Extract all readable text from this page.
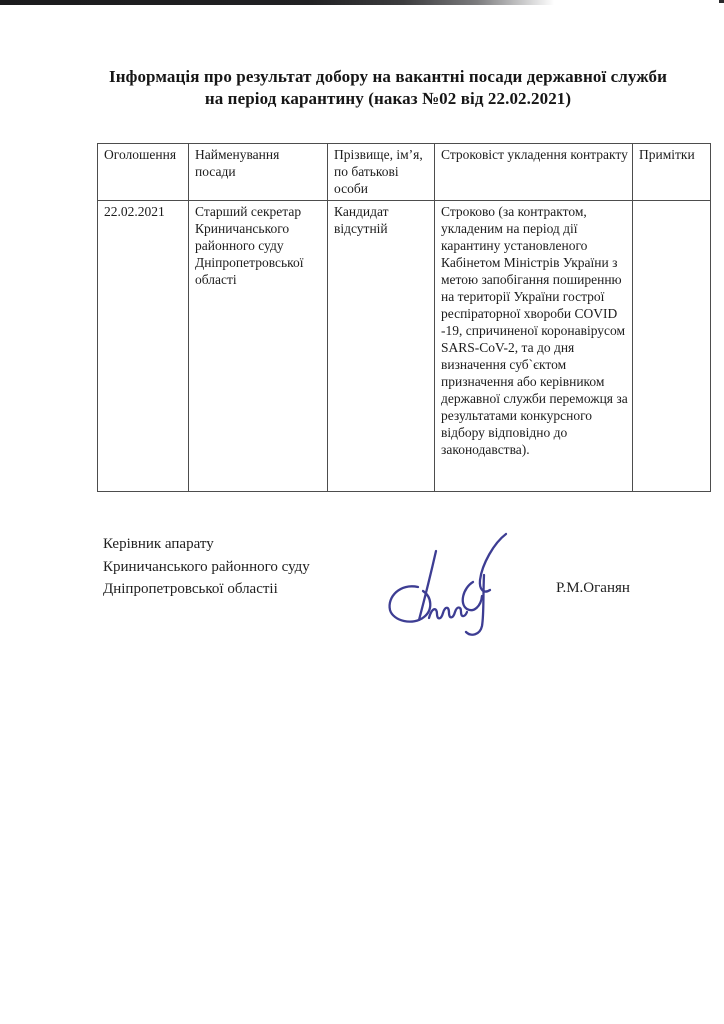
Інформація про результат добору на вакантні посади державної служби
на період карантину (наказ №02 від 22.02.2021)
Оголошення	Найменування посади	Прізвище, ім’я, по батькові особи	Строковіст укладення контракту	Примітки
22.02.2021	Старший секретар Криничанського районного суду Дніпропетровської області	Кандидат відсутній	Строково (за контрактом, укладеним на період дії карантину установленого Кабінетом Міністрів України з метою запобігання поширенню на території України гострої респіраторної хвороби COVID -19, спричиненої коронавірусом SARS-CoV-2, та до дня визначення суб`єктом призначення або керівником державної служби переможця за результатами конкурсного відбору відповідно до законодавства).	
Керівник апарату
Криничанського районного суду
Дніпропетровської областіі	Р.М.Оганян
